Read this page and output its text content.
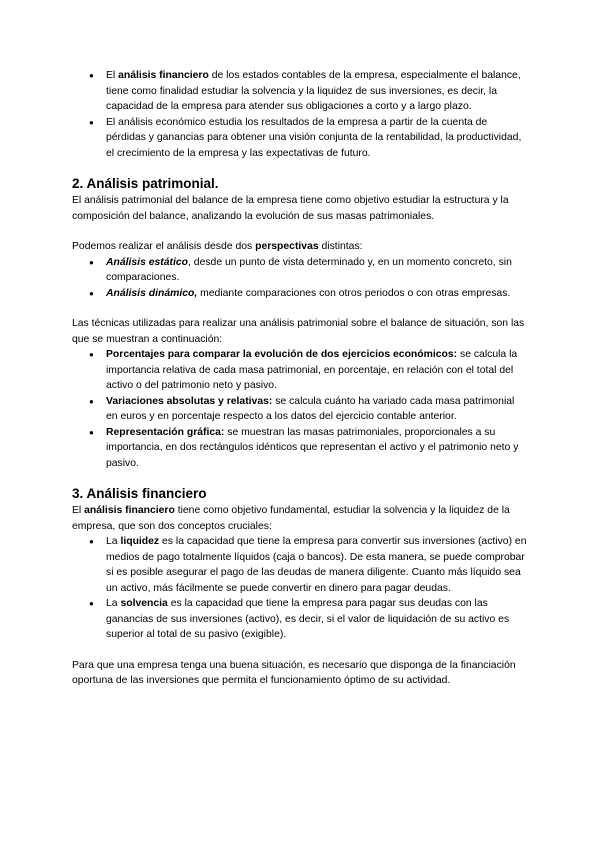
● El análisis financiero de los estados contables de la empresa, especialmente el balance, tiene como finalidad estudiar la solvencia y la liquidez de sus inversiones, es decir, la capacidad de la empresa para atender sus obligaciones a corto y a largo plazo.
● El análisis económico estudia los resultados de la empresa a partir de la cuenta de pérdidas y ganancias para obtener una visión conjunta de la rentabilidad, la productividad, el crecimiento de la empresa y las expectativas de futuro.
2. Análisis patrimonial.

El análisis patrimonial del balance de la empresa tiene como objetivo estudiar la estructura y la composición del balance, analizando la evolución de sus masas patrimoniales.

Podemos realizar el análisis desde dos perspectivas distintas:

● Análisis estático, desde un punto de vista determinado y, en un momento concreto, sin comparaciones.
● Análisis dinámico, mediante comparaciones con otros periodos o con otras empresas.

Las técnicas utilizadas para realizar una análisis patrimonial sobre el balance de situación, son las que se muestran a continuación:

● Porcentajes para comparar la evolución de dos ejercicios económicos: se calcula la importancia relativa de cada masa patrimonial, en porcentaje, en relación con el total del activo o del patrimonio neto y pasivo.
● Variaciones absolutas y relativas: se calcula cuánto ha variado cada masa patrimonial en euros y en porcentaje respecto a los datos del ejercicio contable anterior.
● Representación gráfica: se muestran las masas patrimoniales, proporcionales a su importancia, en dos rectángulos idénticos que representan el activo y el patrimonio neto y pasivo.
3. Análisis financiero

El análisis financiero tiene como objetivo fundamental, estudiar la solvencia y la liquidez de la empresa, que son dos conceptos cruciales:

● La liquidez es la capacidad que tiene la empresa para convertir sus inversiones (activo) en medios de pago totalmente líquidos (caja o bancos). De esta manera, se puede comprobar si es posible asegurar el pago de las deudas de manera diligente. Cuanto más líquido sea un activo, más fácilmente se puede convertir en dinero para pagar deudas.
● La solvencia es la capacidad que tiene la empresa para pagar sus deudas con las ganancias de sus inversiones (activo), es decir, si el valor de liquidación de su activo es superior al total de su pasivo (exigible).

Para que una empresa tenga una buena situación, es necesario que disponga de la financiación oportuna de las inversiones que permita el funcionamiento óptimo de su actividad.
